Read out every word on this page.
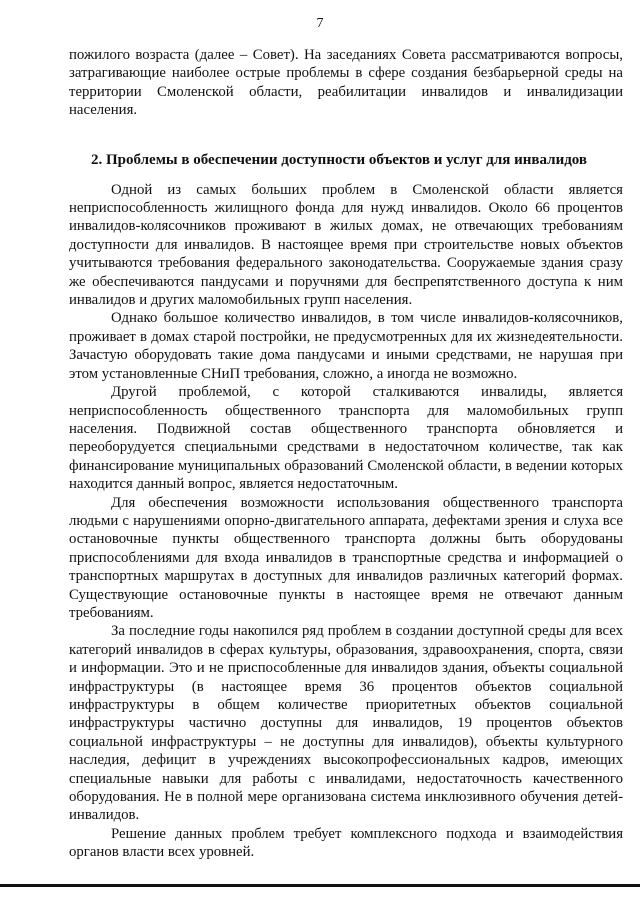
7

пожилого возраста (далее – Совет). На заседаниях Совета рассматриваются вопросы, затрагивающие наиболее острые проблемы в сфере создания безбарьерной среды на территории Смоленской области, реабилитации инвалидов и инвалидизации населения.

2. Проблемы в обеспечении доступности объектов и услуг для инвалидов

Одной из самых больших проблем в Смоленской области является неприспособленность жилищного фонда для нужд инвалидов. Около 66 процентов инвалидов-колясочников проживают в жилых домах, не отвечающих требованиям доступности для инвалидов. В настоящее время при строительстве новых объектов учитываются требования федерального законодательства. Сооружаемые здания сразу же обеспечиваются пандусами и поручнями для беспрепятственного доступа к ним инвалидов и других маломобильных групп населения.

Однако большое количество инвалидов, в том числе инвалидов-колясочников, проживает в домах старой постройки, не предусмотренных для их жизнедеятельности. Зачастую оборудовать такие дома пандусами и иными средствами, не нарушая при этом установленные СНиП требования, сложно, а иногда не возможно.

Другой проблемой, с которой сталкиваются инвалиды, является неприспособленность общественного транспорта для маломобильных групп населения. Подвижной состав общественного транспорта обновляется и переоборудуется специальными средствами в недостаточном количестве, так как финансирование муниципальных образований Смоленской области, в ведении которых находится данный вопрос, является недостаточным.

Для обеспечения возможности использования общественного транспорта людьми с нарушениями опорно-двигательного аппарата, дефектами зрения и слуха все остановочные пункты общественного транспорта должны быть оборудованы приспособлениями для входа инвалидов в транспортные средства и информацией о транспортных маршрутах в доступных для инвалидов различных категорий формах. Существующие остановочные пункты в настоящее время не отвечают данным требованиям.

За последние годы накопился ряд проблем в создании доступной среды для всех категорий инвалидов в сферах культуры, образования, здравоохранения, спорта, связи и информации. Это и не приспособленные для инвалидов здания, объекты социальной инфраструктуры (в настоящее время 36 процентов объектов социальной инфраструктуры в общем количестве приоритетных объектов социальной инфраструктуры частично доступны для инвалидов, 19 процентов объектов социальной инфраструктуры – не доступны для инвалидов), объекты культурного наследия, дефицит в учреждениях высокопрофессиональных кадров, имеющих специальные навыки для работы с инвалидами, недостаточность качественного оборудования. Не в полной мере организована система инклюзивного обучения детей-инвалидов.

Решение данных проблем требует комплексного подхода и взаимодействия органов власти всех уровней.
